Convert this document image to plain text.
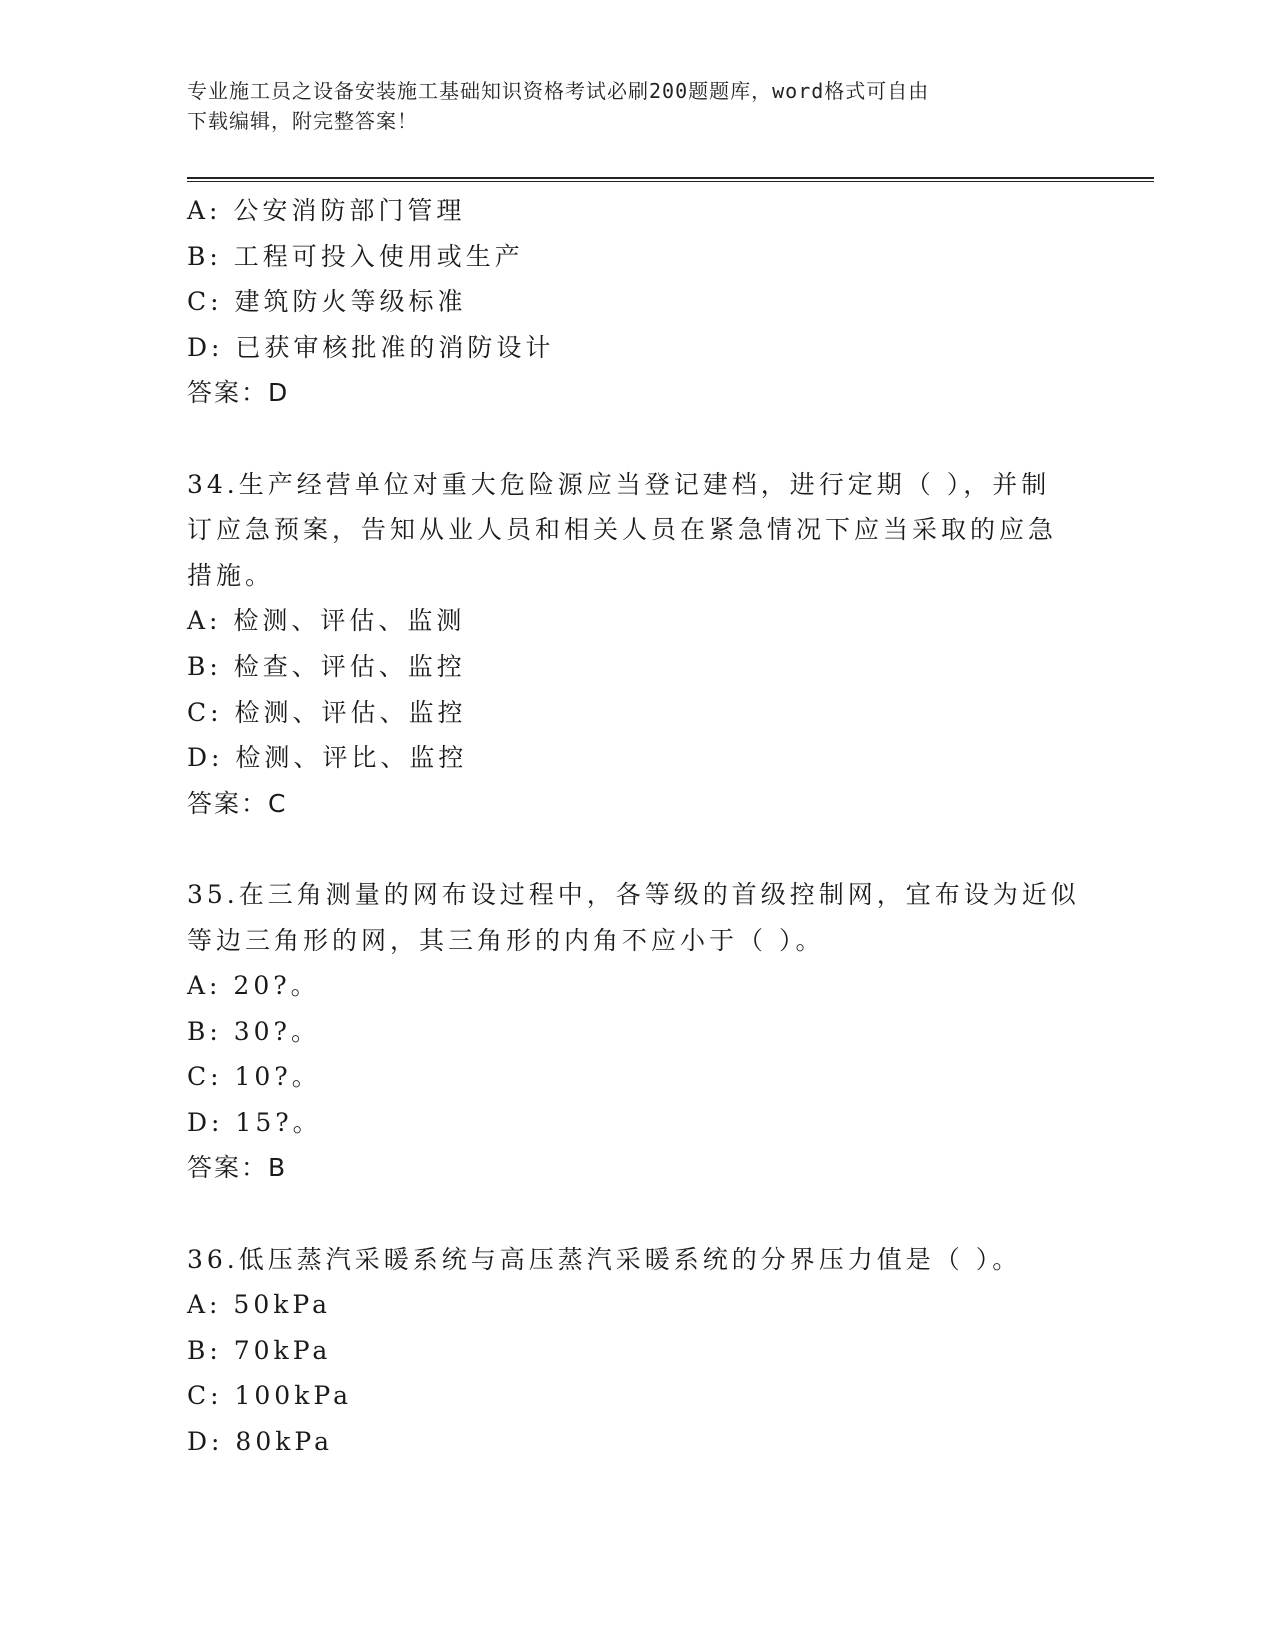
专业施工员之设备安装施工基础知识资格考试必刷200题题库，word格式可自由
下载编辑，附完整答案！
A: 公安消防部门管理
B: 工程可投入使用或生产
C: 建筑防火等级标准
D: 已获审核批准的消防设计
答案：D
34.生产经营单位对重大危险源应当登记建档，进行定期（ ），并制
订应急预案，告知从业人员和相关人员在紧急情况下应当采取的应急
措施。
A: 检测、评估、监测
B: 检查、评估、监控
C: 检测、评估、监控
D: 检测、评比、监控
答案：C
35.在三角测量的网布设过程中，各等级的首级控制网，宜布设为近似
等边三角形的网，其三角形的内角不应小于（ ）。
A: 20?。
B: 30?。
C: 10?。
D: 15?。
答案：B
36.低压蒸汽采暖系统与高压蒸汽采暖系统的分界压力值是（ ）。
A: 50kPa
B: 70kPa
C: 100kPa
D: 80kPa
